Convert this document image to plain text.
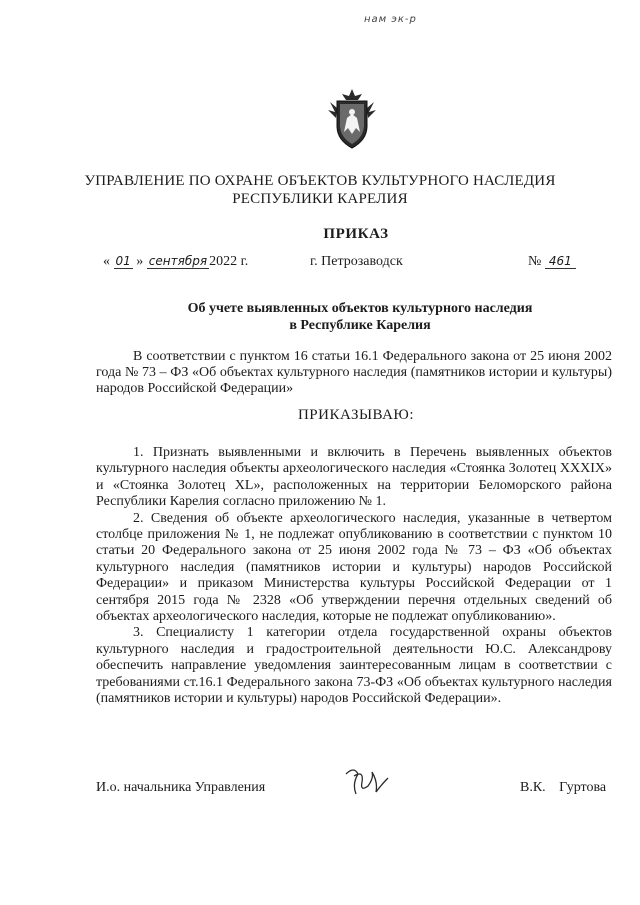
нам эк-р
УПРАВЛЕНИЕ ПО ОХРАНЕ ОБЪЕКТОВ КУЛЬТУРНОГО НАСЛЕДИЯ
РЕСПУБЛИКИ КАРЕЛИЯ
ПРИКАЗ
« 01 » сентября 2022 г.	г. Петрозаводск	№ 461
Об учете выявленных объектов культурного наследия
в Республике Карелия
В соответствии с пунктом 16 статьи 16.1 Федерального закона от 25 июня 2002 года № 73 – ФЗ «Об объектах культурного наследия (памятников истории и культуры) народов Российской Федерации»
ПРИКАЗЫВАЮ:

1. Признать выявленными и включить в Перечень выявленных объектов культурного наследия объекты археологического наследия «Стоянка Золотец XXXIX» и «Стоянка Золотец XL», расположенных на территории Беломорского района Республики Карелия согласно приложению № 1.

2. Сведения об объекте археологического наследия, указанные в четвертом столбце приложения № 1, не подлежат опубликованию в соответствии с пунктом 10 статьи 20 Федерального закона от 25 июня 2002 года № 73 – ФЗ «Об объектах культурного наследия (памятников истории и культуры) народов Российской Федерации» и приказом Министерства культуры Российской Федерации от 1 сентября 2015 года № 2328 «Об утверждении перечня отдельных сведений об объектах археологического наследия, которые не подлежат опубликованию».

3. Специалисту 1 категории отдела государственной охраны объектов культурного наследия и градостроительной деятельности Ю.С. Александрову обеспечить направление уведомления заинтересованным лицам в соответствии с требованиями ст.16.1 Федерального закона 73-ФЗ «Об объектах культурного наследия (памятников истории и культуры) народов Российской Федерации».

И.о. начальника Управления	В.К. Гуртова
